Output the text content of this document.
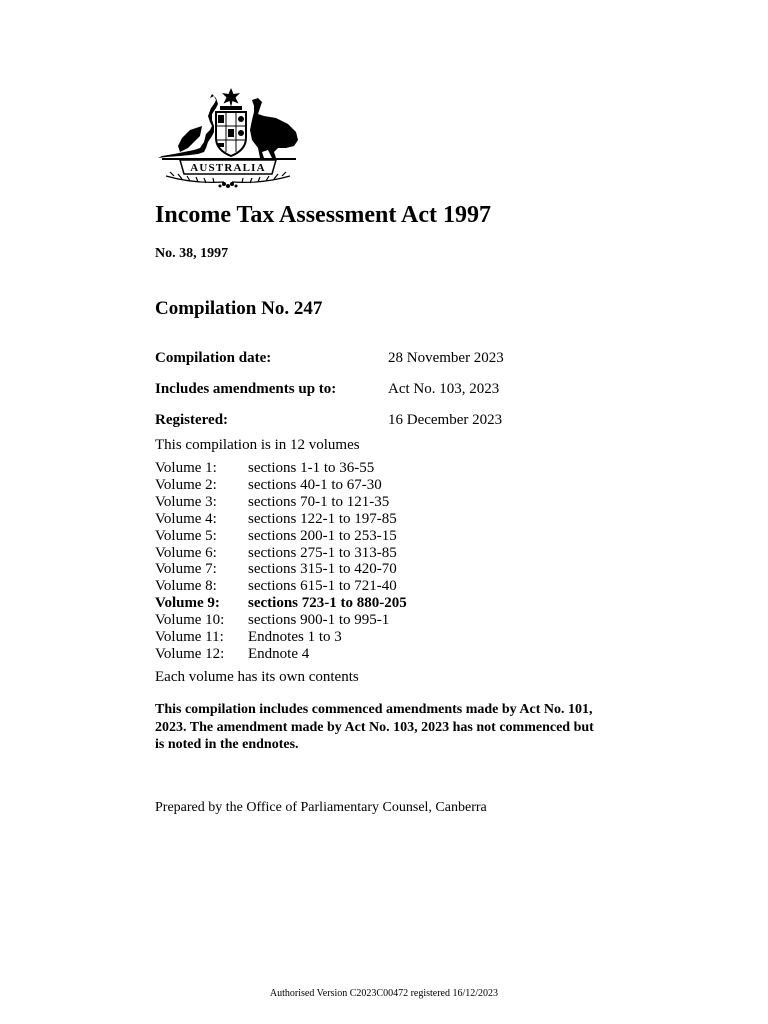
AUSTRALIA
Income Tax Assessment Act 1997
No. 38, 1997
Compilation No. 247
Compilation date:	28 November 2023
Includes amendments up to:	Act No. 103, 2023
Registered:	16 December 2023
This compilation is in 12 volumes
Volume 1:	sections 1-1 to 36-55
Volume 2:	sections 40-1 to 67-30
Volume 3:	sections 70-1 to 121-35
Volume 4:	sections 122-1 to 197-85
Volume 5:	sections 200-1 to 253-15
Volume 6:	sections 275-1 to 313-85
Volume 7:	sections 315-1 to 420-70
Volume 8:	sections 615-1 to 721-40
Volume 9:	sections 723-1 to 880-205
Volume 10:	sections 900-1 to 995-1
Volume 11:	Endnotes 1 to 3
Volume 12:	Endnote 4
Each volume has its own contents
This compilation includes commenced amendments made by Act No. 101,
2023. The amendment made by Act No. 103, 2023 has not commenced but
is noted in the endnotes.
Prepared by the Office of Parliamentary Counsel, Canberra
Authorised Version C2023C00472 registered 16/12/2023
